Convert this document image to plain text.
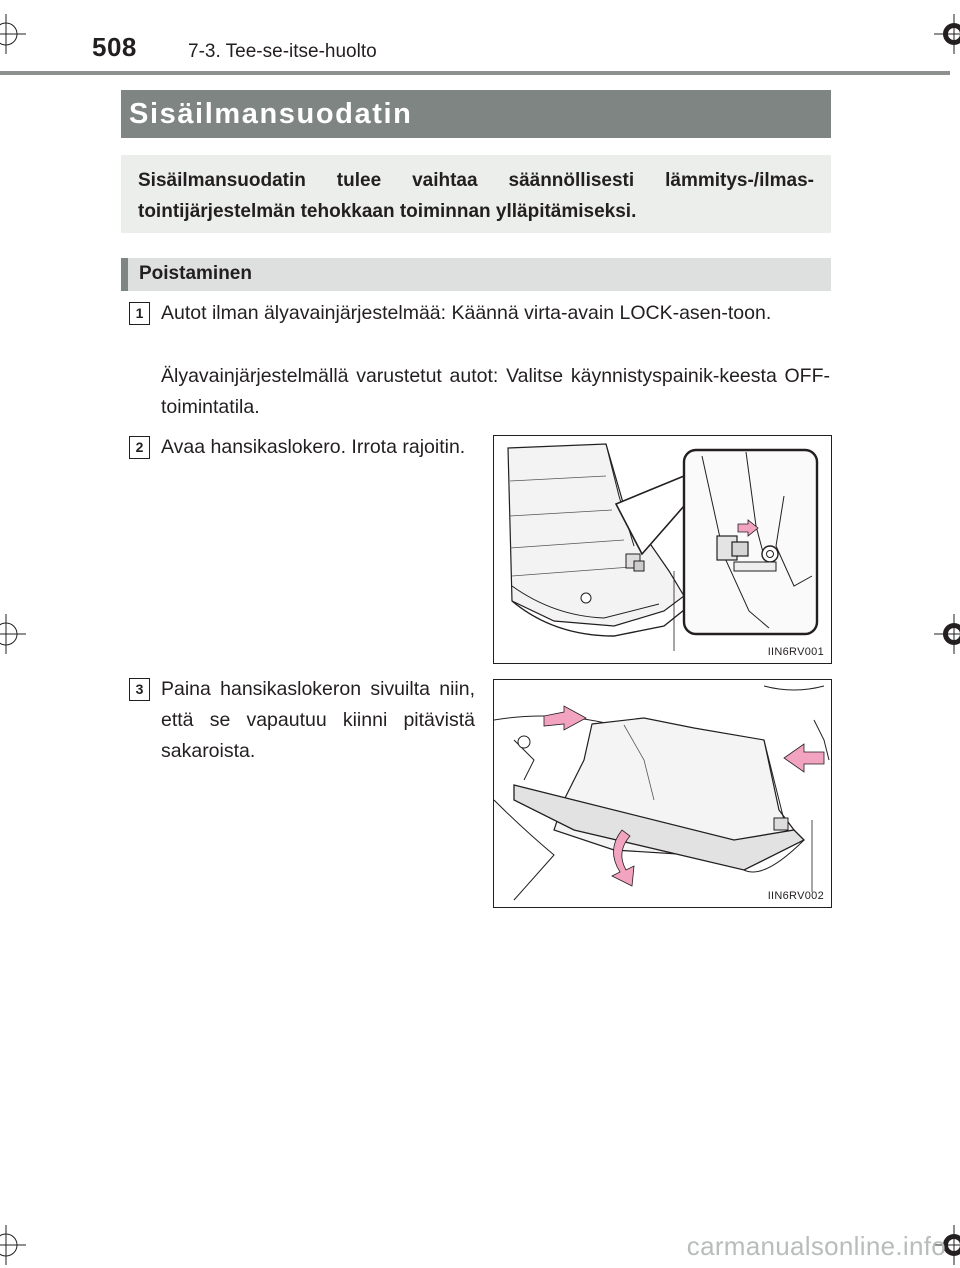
508	7-3. Tee-se-itse-huolto
Sisäilmansuodatin
Sisäilmansuodatin tulee vaihtaa säännöllisesti lämmitys-/ilmas-tointijärjestelmän tehokkaan toiminnan ylläpitämiseksi.
Poistaminen
1 Autot ilman älyavainjärjestelmää: Käännä virta-avain LOCK-asen-toon.
Älyavainjärjestelmällä varustetut autot: Valitse käynnistyspainik-keesta OFF-toimintatila.
2 Avaa hansikaslokero. Irrota rajoitin.
IIN6RV001
3 Paina hansikaslokeron sivuilta niin, että se vapautuu kiinni pitävistä sakaroista.
IIN6RV002
carmanualsonline.info
